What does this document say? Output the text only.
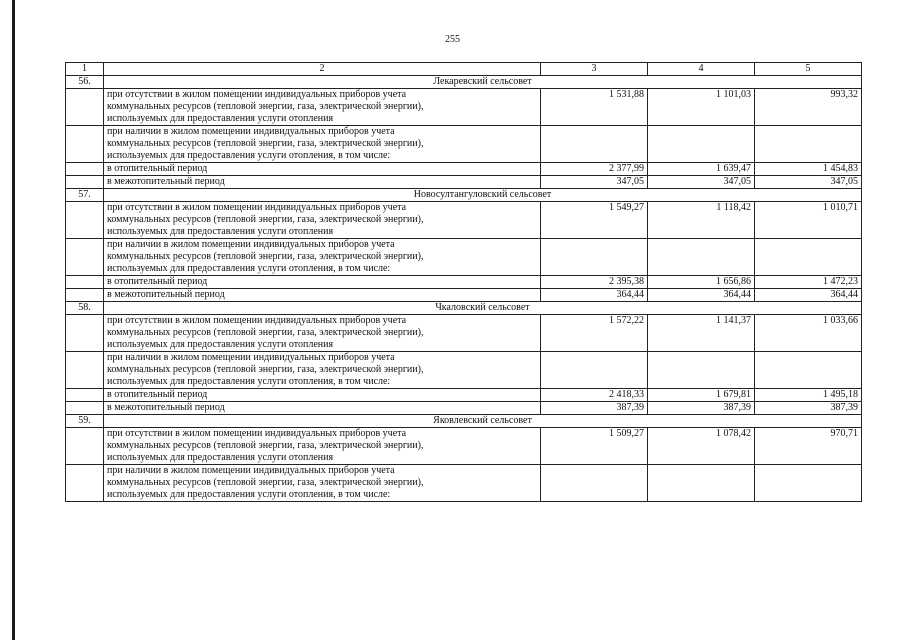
255
1	2	3	4	5
56.	Лекаревский сельсовет			

	при отсутствии в жилом помещении индивидуальных приборов учета
коммунальных ресурсов (тепловой энергии, газа, электрической энергии),
используемых для предоставления услуги отопления	1 531,88	1 101,03	993,32

	при наличии в жилом помещении индивидуальных приборов учета
коммунальных ресурсов (тепловой энергии, газа, электрической энергии),
используемых для предоставления услуги отопления, в том числе:			

	в отопительный период	2 377,99	1 639,47	1 454,83

	в межотопительный период	347,05	347,05	347,05
57.	Новосултангуловский сельсовет			

	при отсутствии в жилом помещении индивидуальных приборов учета
коммунальных ресурсов (тепловой энергии, газа, электрической энергии),
используемых для предоставления услуги отопления	1 549,27	1 118,42	1 010,71

	при наличии в жилом помещении индивидуальных приборов учета
коммунальных ресурсов (тепловой энергии, газа, электрической энергии),
используемых для предоставления услуги отопления, в том числе:			

	в отопительный период	2 395,38	1 656,86	1 472,23

	в межотопительный период	364,44	364,44	364,44
58.	Чкаловский сельсовет			

	при отсутствии в жилом помещении индивидуальных приборов учета
коммунальных ресурсов (тепловой энергии, газа, электрической энергии),
используемых для предоставления услуги отопления	1 572,22	1 141,37	1 033,66

	при наличии в жилом помещении индивидуальных приборов учета
коммунальных ресурсов (тепловой энергии, газа, электрической энергии),
используемых для предоставления услуги отопления, в том числе:			

	в отопительный период	2 418,33	1 679,81	1 495,18

	в межотопительный период	387,39	387,39	387,39
59.	Яковлевский сельсовет			

	при отсутствии в жилом помещении индивидуальных приборов учета
коммунальных ресурсов (тепловой энергии, газа, электрической энергии),
используемых для предоставления услуги отопления	1 509,27	1 078,42	970,71

	при наличии в жилом помещении индивидуальных приборов учета
коммунальных ресурсов (тепловой энергии, газа, электрической энергии),
используемых для предоставления услуги отопления, в том числе:			
